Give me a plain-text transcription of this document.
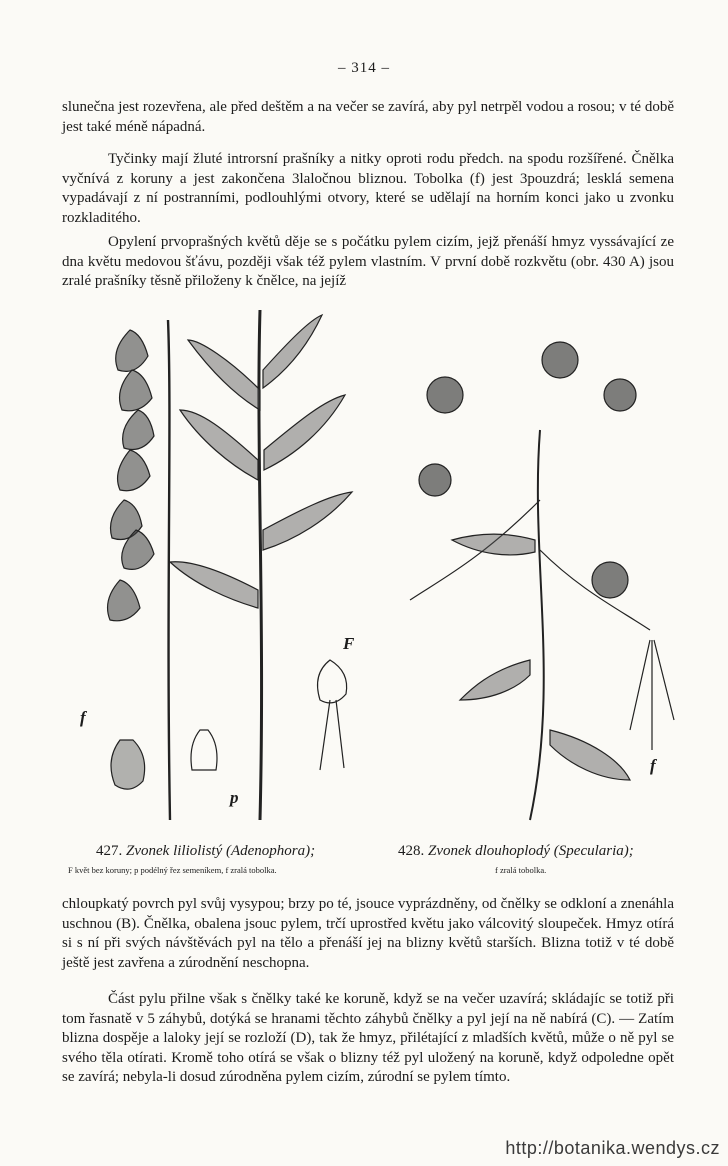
– 314 –

slunečna jest rozevřena, ale před deštěm a na večer se zavírá, aby pyl netrpěl vodou a rosou; v té době jest také méně nápadná.

Tyčinky mají žluté introrsní prašníky a nitky oproti rodu předch. na spodu rozšířené. Čnělka vyčnívá z koruny a jest zakončena 3laločnou bliznou. Tobolka (f) jest 3pouzdrá; lesklá semena vypadávají z ní postranními, podlouhlými otvory, které se udělají na horním konci jako u zvonku rozkladitého.

Opylení prvoprašných květů děje se s počátku pylem cizím, jejž přenáší hmyz vyssávající ze dna květu medovou šťávu, později však též pylem vlastním. V první době rozkvětu (obr. 430 A) jsou zralé prašníky těsně přiloženy k čnělce, na jejíž

f
p
F
f
427. Zvonek liliolistý (Adenophora);
F květ bez koruny; p podélný řez semeníkem, f zralá tobolka.
428. Zvonek dlouhoplodý (Specularia);
f zralá tobolka.

chloupkatý povrch pyl svůj vysypou; brzy po té, jsouce vyprázdněny, od čnělky se odkloní a znenáhla uschnou (B). Čnělka, obalena jsouc pylem, trčí uprostřed květu jako válcovitý sloupeček. Hmyz otírá si s ní při svých návštěvách pyl na tělo a přenáší jej na blizny květů starších. Blizna totiž v té době ještě jest zavřena a zúrodnění neschopna.

Část pylu přilne však s čnělky také ke koruně, když se na večer uzavírá; skládajíc se totiž při tom řasnatě v 5 záhybů, dotýká se hranami těchto záhybů čnělky a pyl její na ně nabírá (C). — Zatím blizna dospěje a laloky její se rozloží (D), tak že hmyz, přilétající z mladších květů, může o ně pyl se svého těla otírati. Kromě toho otírá se však o blizny též pyl uložený na koruně, když odpoledne opět se zavírá; nebyla-li dosud zúrodněna pylem cizím, zúrodní se pylem tímto.

http://botanika.wendys.cz
